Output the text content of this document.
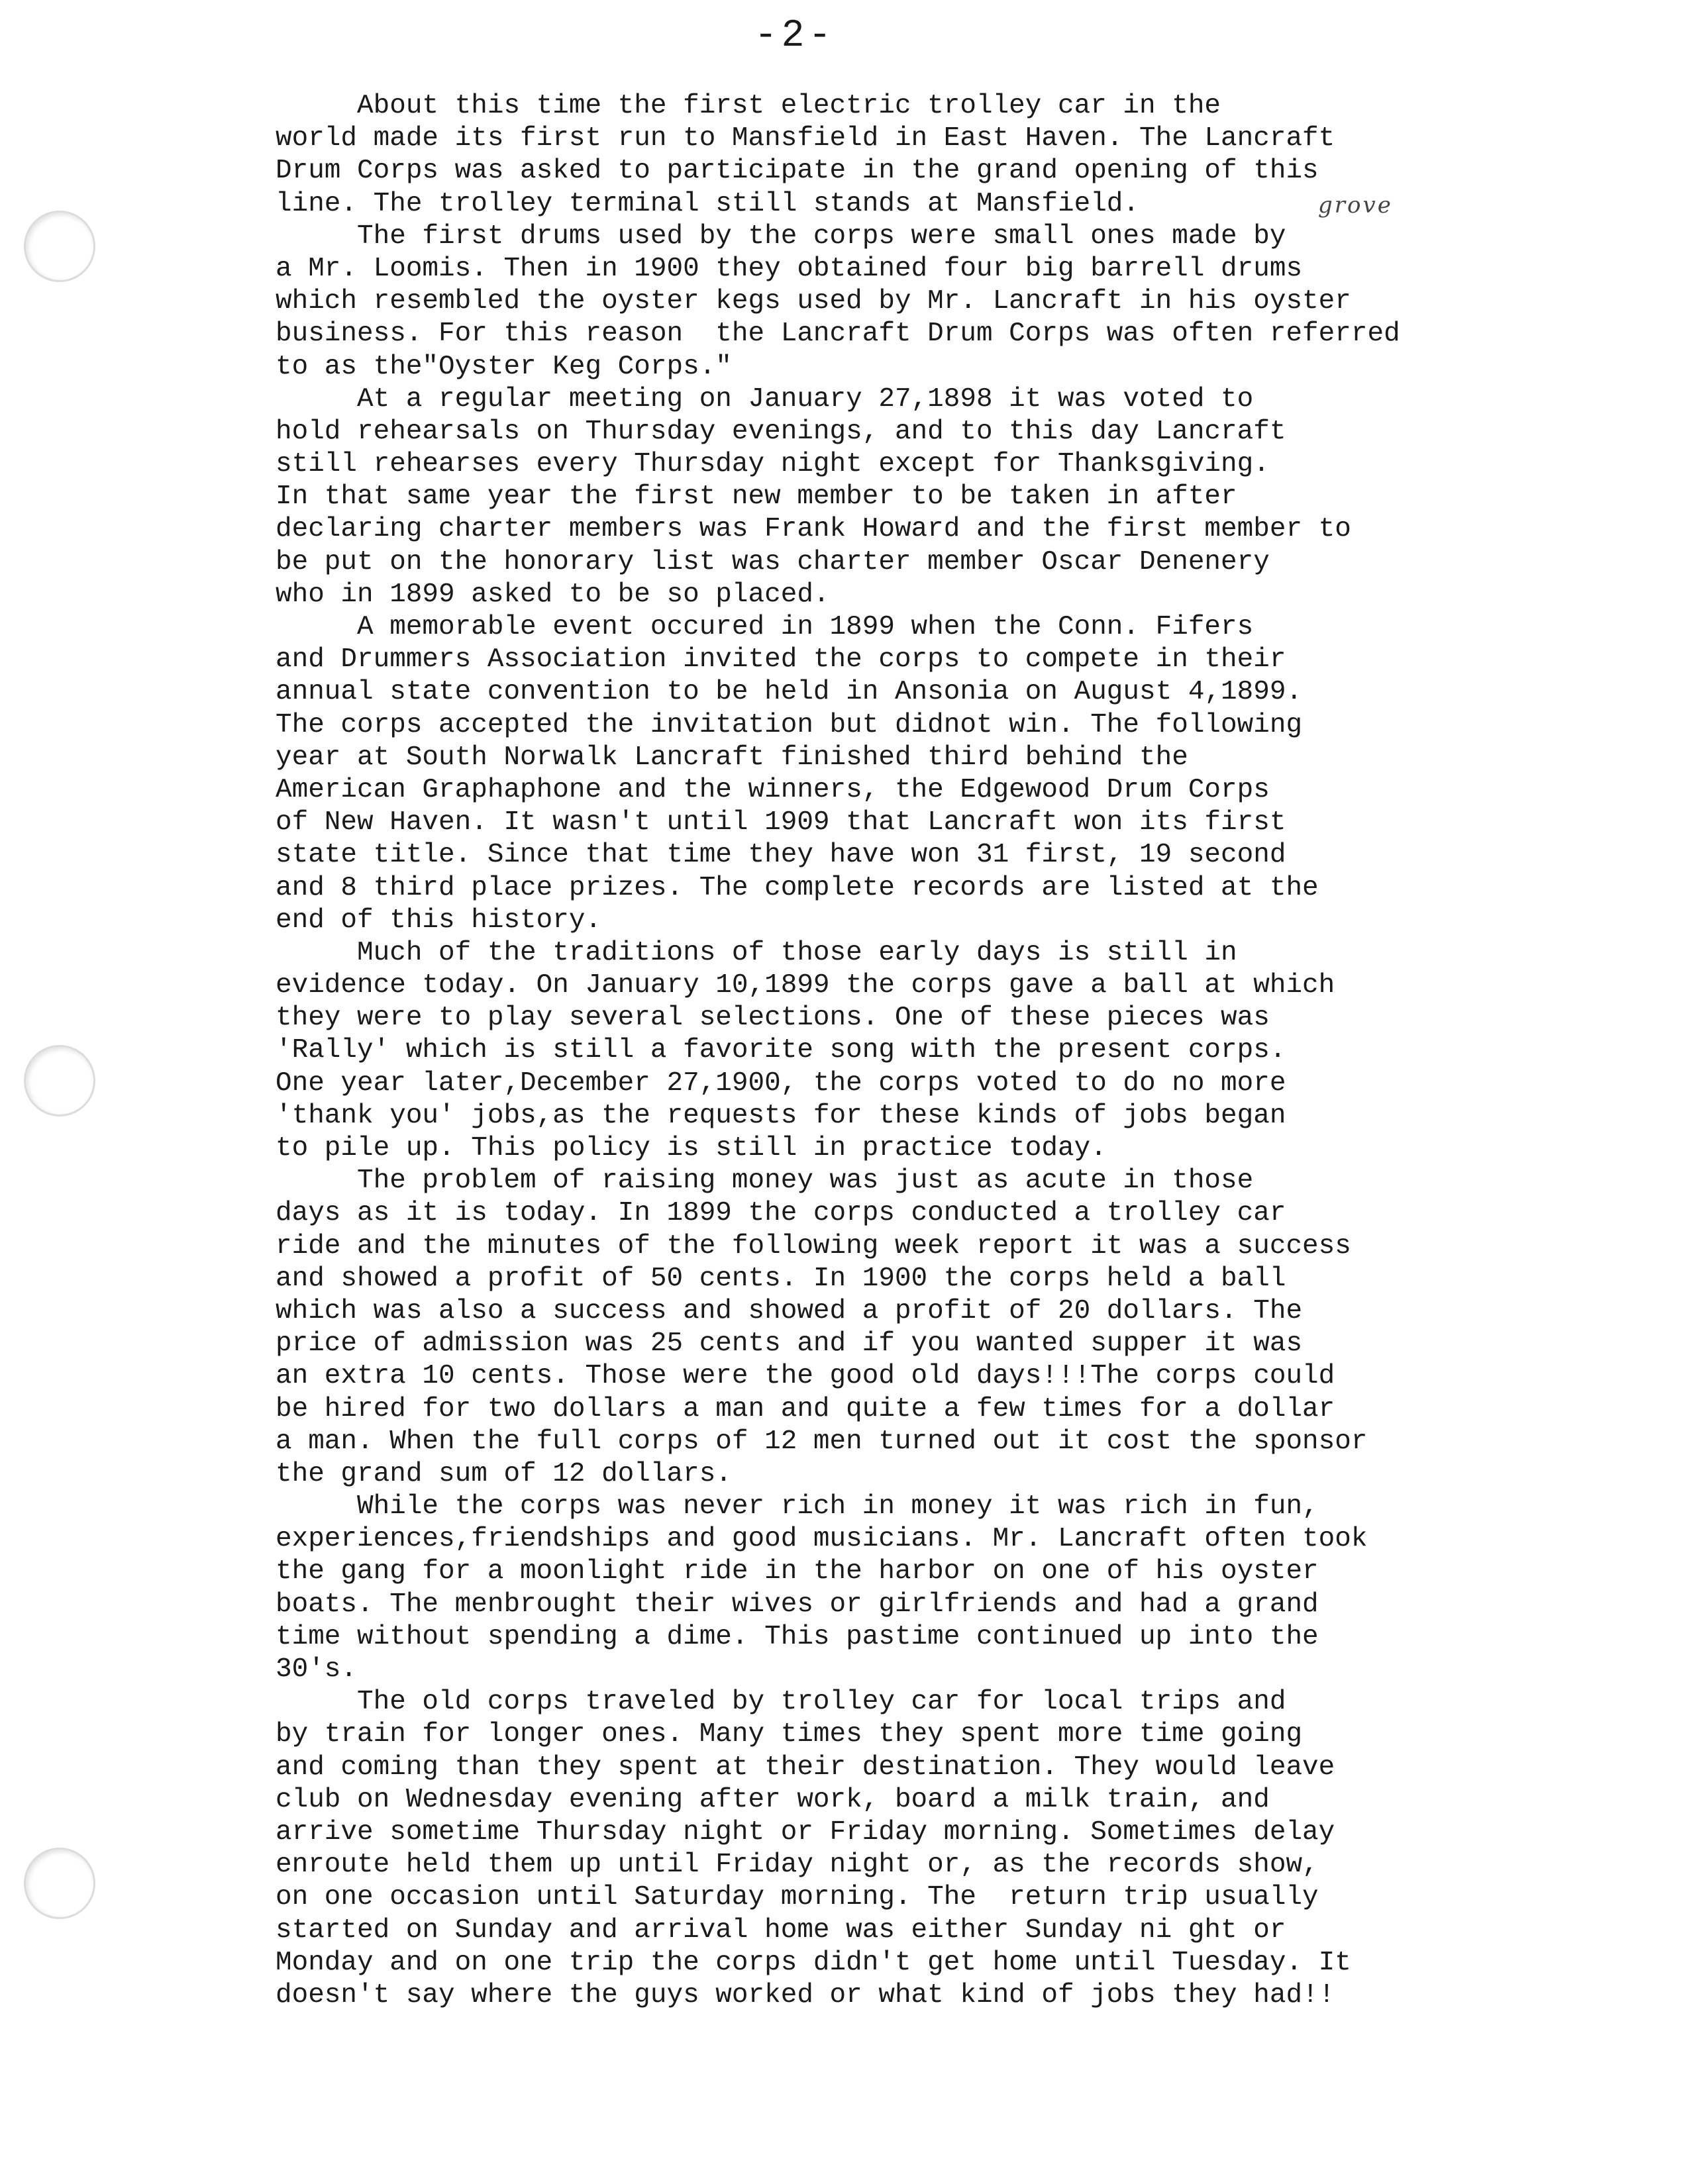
-2-
grove
About this time the first electric trolley car in the
world made its first run to Mansfield in East Haven. The Lancraft
Drum Corps was asked to participate in the grand opening of this
line. The trolley terminal still stands at Mansfield.
The first drums used by the corps were small ones made by
a Mr. Loomis. Then in 1900 they obtained four big barrell drums
which resembled the oyster kegs used by Mr. Lancraft in his oyster
business. For this reason  the Lancraft Drum Corps was often referred
to as the"Oyster Keg Corps."
At a regular meeting on January 27,1898 it was voted to
hold rehearsals on Thursday evenings, and to this day Lancraft
still rehearses every Thursday night except for Thanksgiving.
In that same year the first new member to be taken in after
declaring charter members was Frank Howard and the first member to
be put on the honorary list was charter member Oscar Denenery
who in 1899 asked to be so placed.
A memorable event occured in 1899 when the Conn. Fifers
and Drummers Association invited the corps to compete in their
annual state convention to be held in Ansonia on August 4,1899.
The corps accepted the invitation but didnot win. The following
year at South Norwalk Lancraft finished third behind the
American Graphaphone and the winners, the Edgewood Drum Corps
of New Haven. It wasn't until 1909 that Lancraft won its first
state title. Since that time they have won 31 first, 19 second
and 8 third place prizes. The complete records are listed at the
end of this history.
Much of the traditions of those early days is still in
evidence today. On January 10,1899 the corps gave a ball at which
they were to play several selections. One of these pieces was
'Rally' which is still a favorite song with the present corps.
One year later,December 27,1900, the corps voted to do no more
'thank you' jobs,as the requests for these kinds of jobs began
to pile up. This policy is still in practice today.
The problem of raising money was just as acute in those
days as it is today. In 1899 the corps conducted a trolley car
ride and the minutes of the following week report it was a success
and showed a profit of 50 cents. In 1900 the corps held a ball
which was also a success and showed a profit of 20 dollars. The
price of admission was 25 cents and if you wanted supper it was
an extra 10 cents. Those were the good old days!!!The corps could
be hired for two dollars a man and quite a few times for a dollar
a man. When the full corps of 12 men turned out it cost the sponsor
the grand sum of 12 dollars.
While the corps was never rich in money it was rich in fun,
experiences,friendships and good musicians. Mr. Lancraft often took
the gang for a moonlight ride in the harbor on one of his oyster
boats. The menbrought their wives or girlfriends and had a grand
time without spending a dime. This pastime continued up into the
30's.
The old corps traveled by trolley car for local trips and
by train for longer ones. Many times they spent more time going
and coming than they spent at their destination. They would leave
club on Wednesday evening after work, board a milk train, and
arrive sometime Thursday night or Friday morning. Sometimes delay
enroute held them up until Friday night or, as the records show,
on one occasion until Saturday morning. The  return trip usually
started on Sunday and arrival home was either Sunday ni ght or
Monday and on one trip the corps didn't get home until Tuesday. It
doesn't say where the guys worked or what kind of jobs they had!!
